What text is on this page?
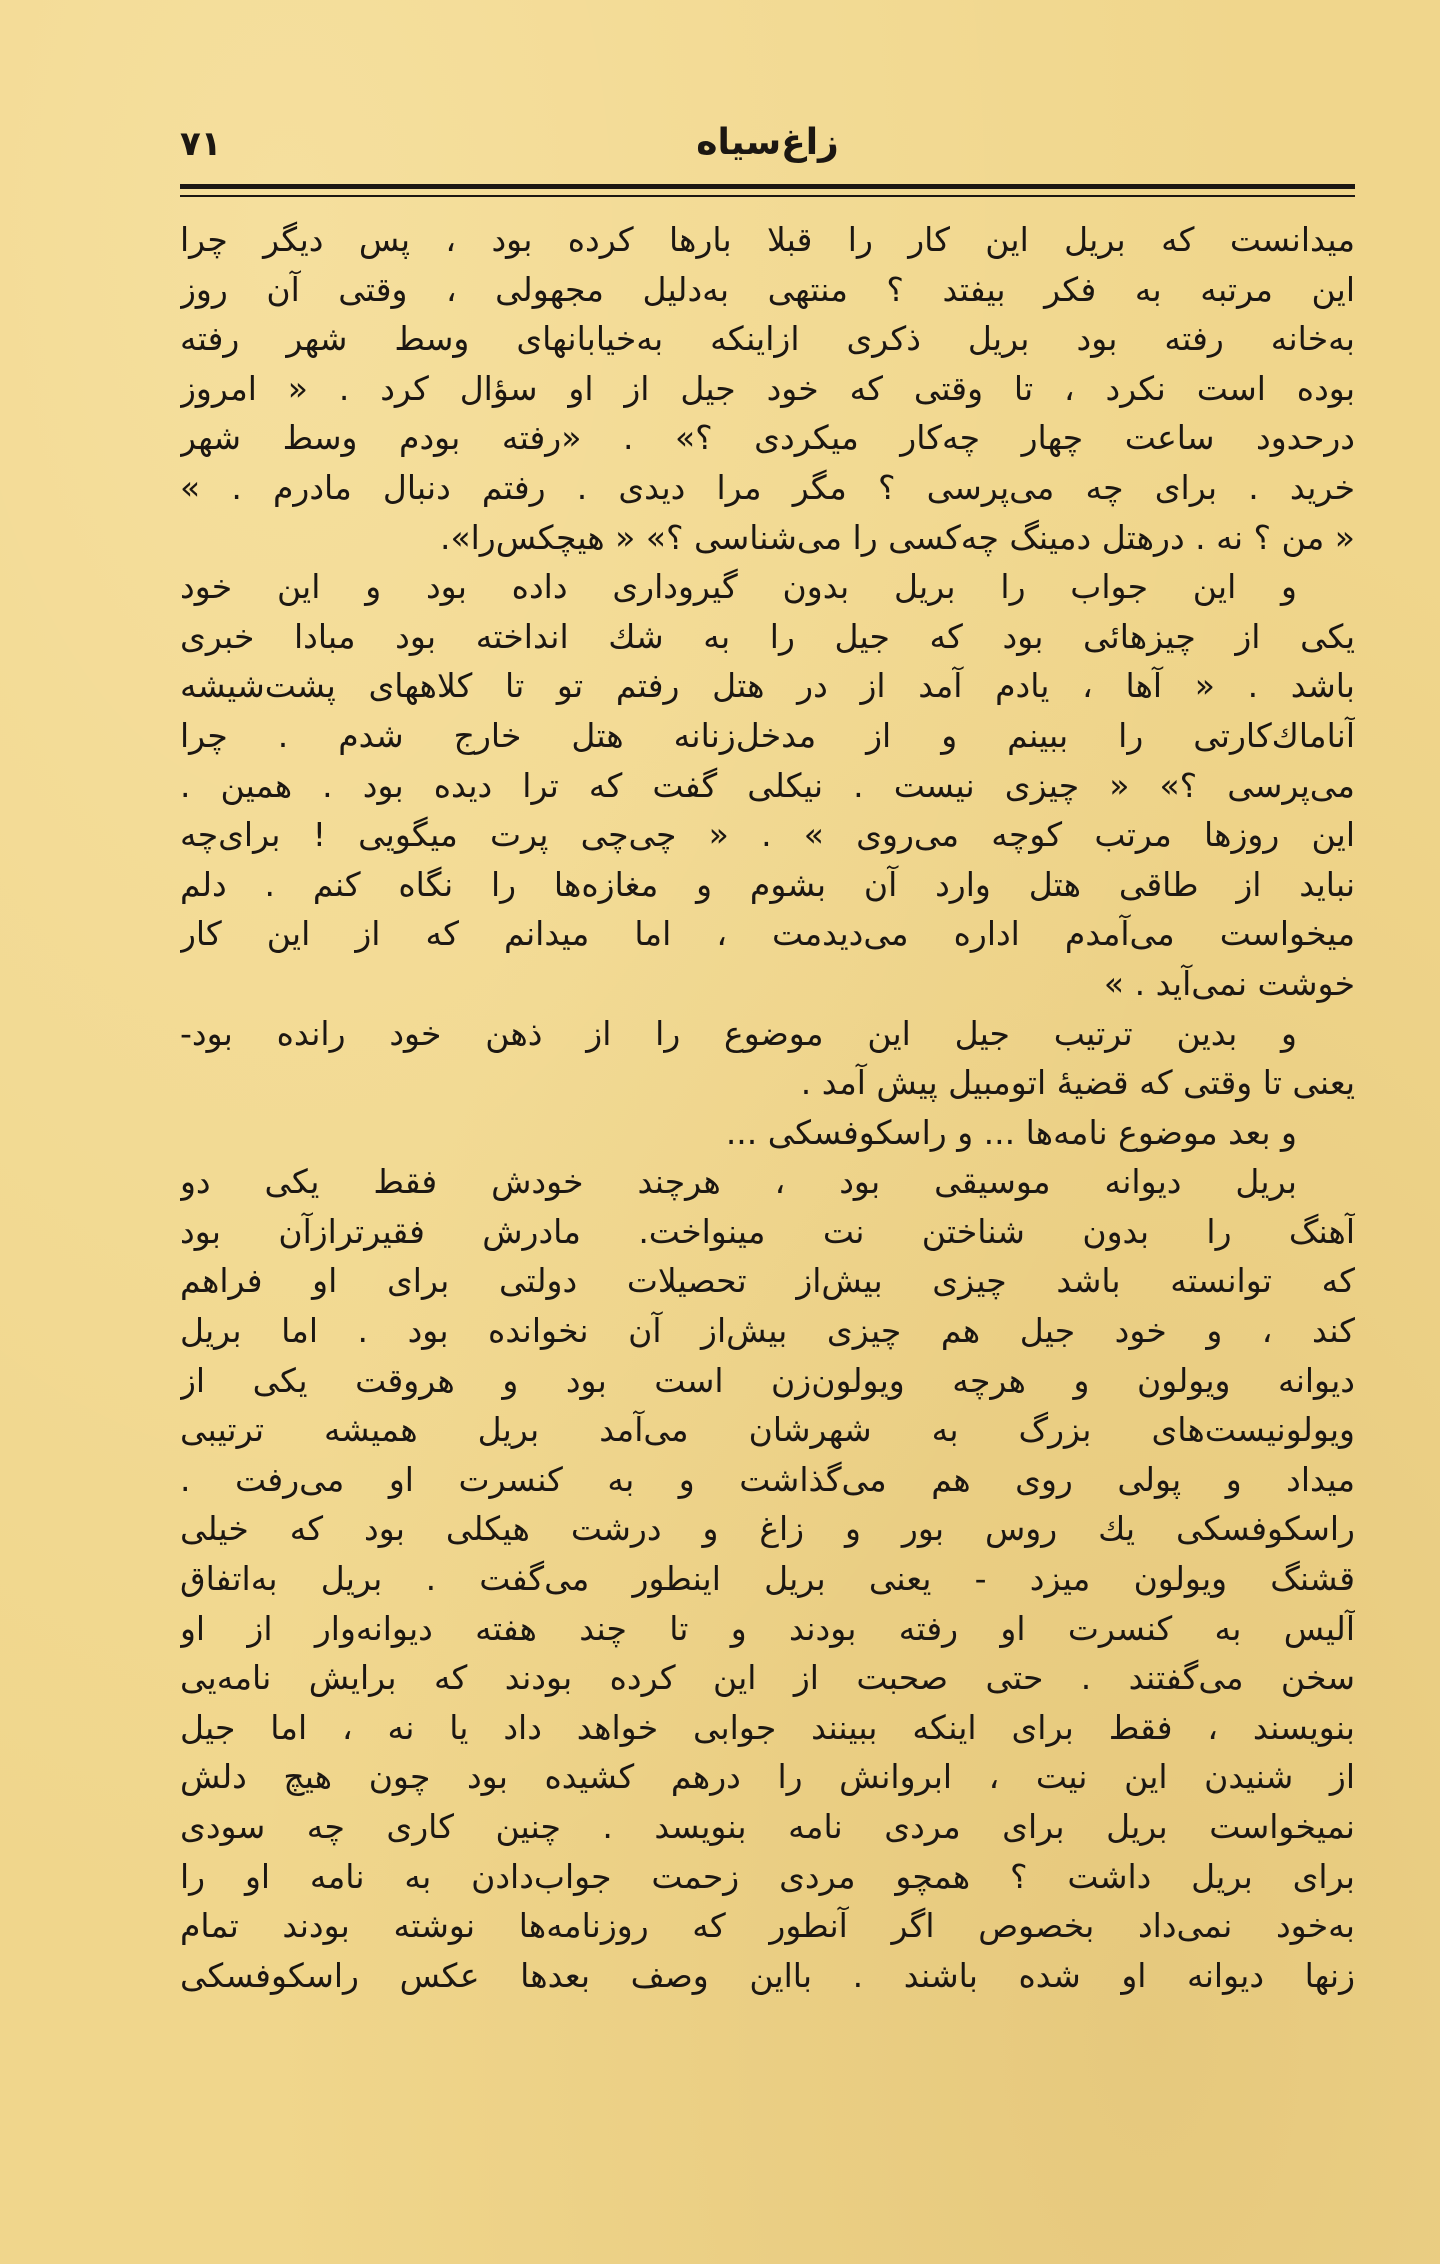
۷۱	زاغ‌سیاه
میدانست که بریل این کار را قبلا بارها کرده بود ، پس دیگر چرا
این مرتبه به فکر بیفتد ؟ منتهی به‌دلیل مجهولی ، وقتی آن روز
به‌خانه رفته بود بریل ذکری ازاینکه به‌خیابانهای وسط شهر رفته
بوده است نکرد ، تا وقتی که خود جیل از او سؤال کرد . « امروز
درحدود ساعت چهار چه‌کار میکردی ؟» . «رفته بودم وسط شهر
خرید . برای چه می‌پرسی ؟ مگر مرا دیدی . رفتم دنبال مادرم . »
« من ؟ نه . درهتل دمینگ چه‌کسی را می‌شناسی ؟» « هیچکس‌را».
و این جواب را بریل بدون گیروداری داده بود و این خود
یکی از چیزهائی بود که جیل را به شك انداخته بود مبادا خبری
باشد . « آها ، یادم آمد از در هتل رفتم تو تا کلاههای پشت‌شیشه
آناماك‌کارتی را ببینم و از مدخل‌زنانه هتل خارج شدم . چرا
می‌پرسی ؟» « چیزی نیست . نیکلی گفت که ترا دیده بود . همین .
این روزها مرتب کوچه می‌روی » . « چی‌چی پرت میگویی ! برای‌چه
نباید از طاقی هتل وارد آن بشوم و مغازه‌ها را نگاه کنم . دلم
میخواست می‌آمدم اداره می‌دیدمت ، اما میدانم که از این کار
خوشت نمی‌آید . »
و بدین ترتیب جیل این موضوع را از ذهن خود رانده بود-
یعنی تا وقتی که قضیهٔ اتومبیل پیش آمد .
و بعد موضوع نامه‌ها ... و راسکوفسکی ...
بریل دیوانه موسیقی بود ، هرچند خودش فقط یکی دو
آهنگ را بدون شناختن نت مینواخت. مادرش فقیرتراز‌آن بود
که توانسته باشد چیزی بیش‌از تحصیلات دولتی برای او فراهم
کند ، و خود جیل هم چیزی بیش‌از آن نخوانده بود . اما بریل
دیوانه ویولون و هرچه ویولون‌زن است بود و هروقت یکی از
ویولونیست‌های بزرگ به شهرشان می‌آمد بریل همیشه ترتیبی
میداد و پولی روی هم می‌گذاشت و به کنسرت او می‌رفت .
راسکوفسکی یك روس بور و زاغ و درشت هیکلی بود که خیلی
قشنگ ویولون میزد - یعنی بریل اینطور می‌گفت . بریل به‌اتفاق
آلیس به کنسرت او رفته بودند و تا چند هفته دیوانه‌وار از او
سخن می‌گفتند . حتی صحبت از این کرده بودند که برایش نامه‌یی
بنویسند ، فقط برای اینکه ببینند جوابی خواهد داد یا نه ، اما جیل
از شنیدن این نیت ، ابروانش را درهم کشیده بود چون هیچ دلش
نمیخواست بریل برای مردی نامه بنویسد . چنین کاری چه سودی
برای بریل داشت ؟ همچو مردی زحمت جواب‌دادن به نامه او را
به‌خود نمی‌داد بخصوص اگر آنطور که روزنامه‌ها نوشته بودند تمام
زنها دیوانه او شده باشند . بااین وصف بعدها عکس راسکوفسکی
